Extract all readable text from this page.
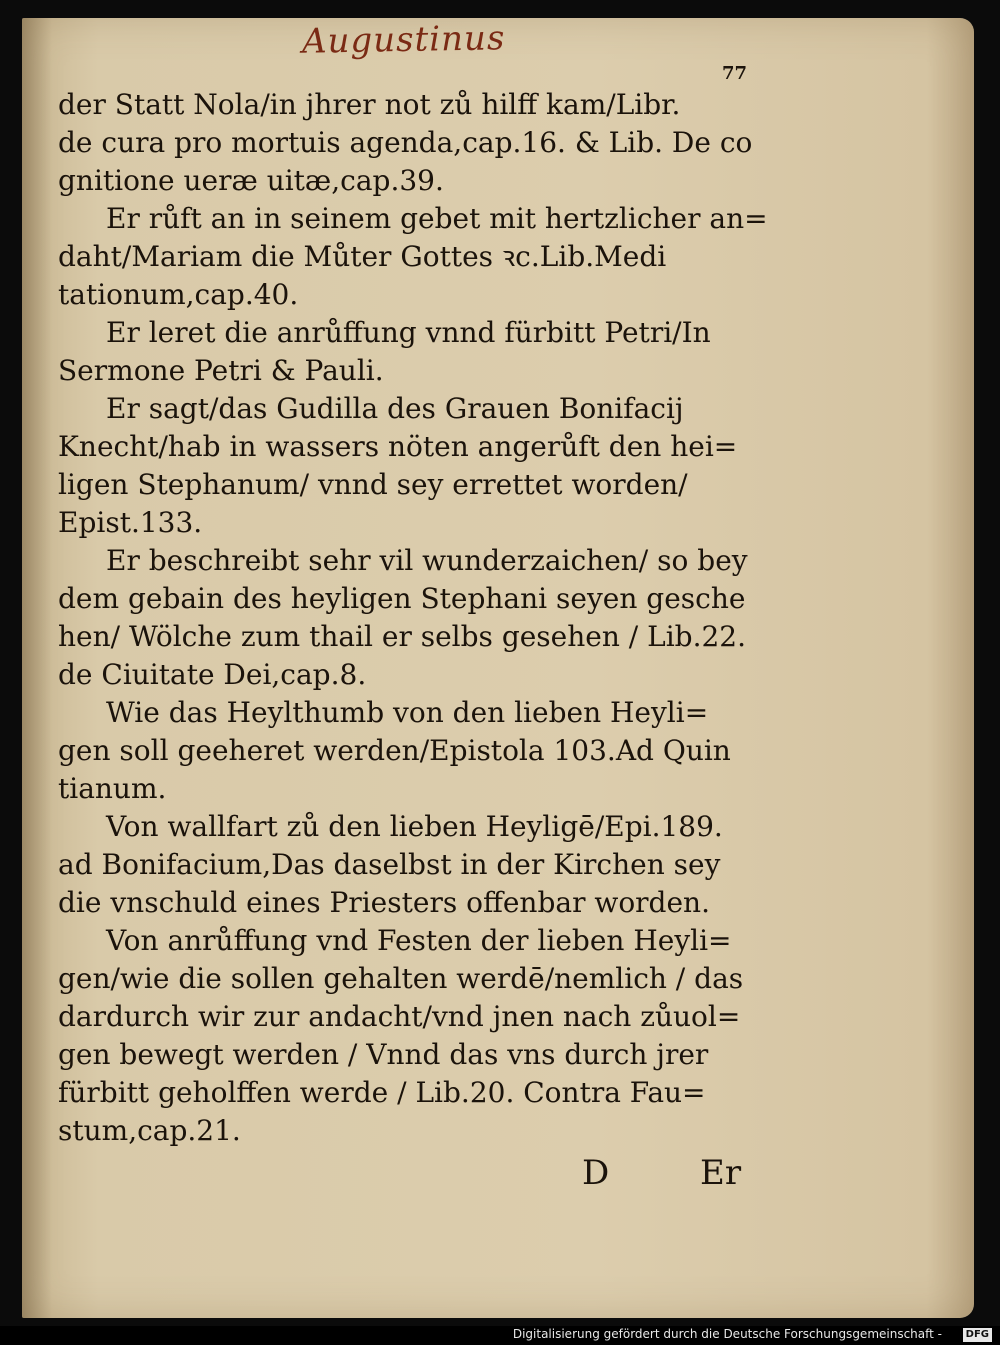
Augustinus
77
der Statt Nola/in jhrer not zů hilff kam/Libr.
de cura pro mortuis agenda,cap.16. & Lib. De co
gnitione ueræ uitæ,cap.39.
Er růft an in seinem gebet mit hertzlicher an=
daht/Mariam die Můter Gottes ꝛc.Lib.Medi
tationum,cap.40.
Er leret die anrůffung vnnd fürbitt Petri/In
Sermone Petri & Pauli.
Er sagt/das Gudilla des Grauen Bonifacij
Knecht/hab in wassers nöten angerůft den hei=
ligen Stephanum/ vnnd sey errettet worden/
Epist.133.
Er beschreibt sehr vil wunderzaichen/ so bey
dem gebain des heyligen Stephani seyen gesche
hen/ Wölche zum thail er selbs gesehen / Lib.22.
de Ciuitate Dei,cap.8.
Wie das Heylthumb von den lieben Heyli=
gen soll geeheret werden/Epistola 103.Ad Quin
tianum.
Von wallfart zů den lieben Heyligē/Epi.189.
ad Bonifacium,Das daselbst in der Kirchen sey
die vnschuld eines Priesters offenbar worden.
Von anrůffung vnd Festen der lieben Heyli=
gen/wie die sollen gehalten werdē/nemlich / das
dardurch wir zur andacht/vnd jnen nach zůuol=
gen bewegt werden / Vnnd das vns durch jrer
fürbitt geholffen werde / Lib.20. Contra Fau=
stum,cap.21.
D	Er
Digitalisierung gefördert durch die Deutsche Forschungsgemeinschaft -	DFG
